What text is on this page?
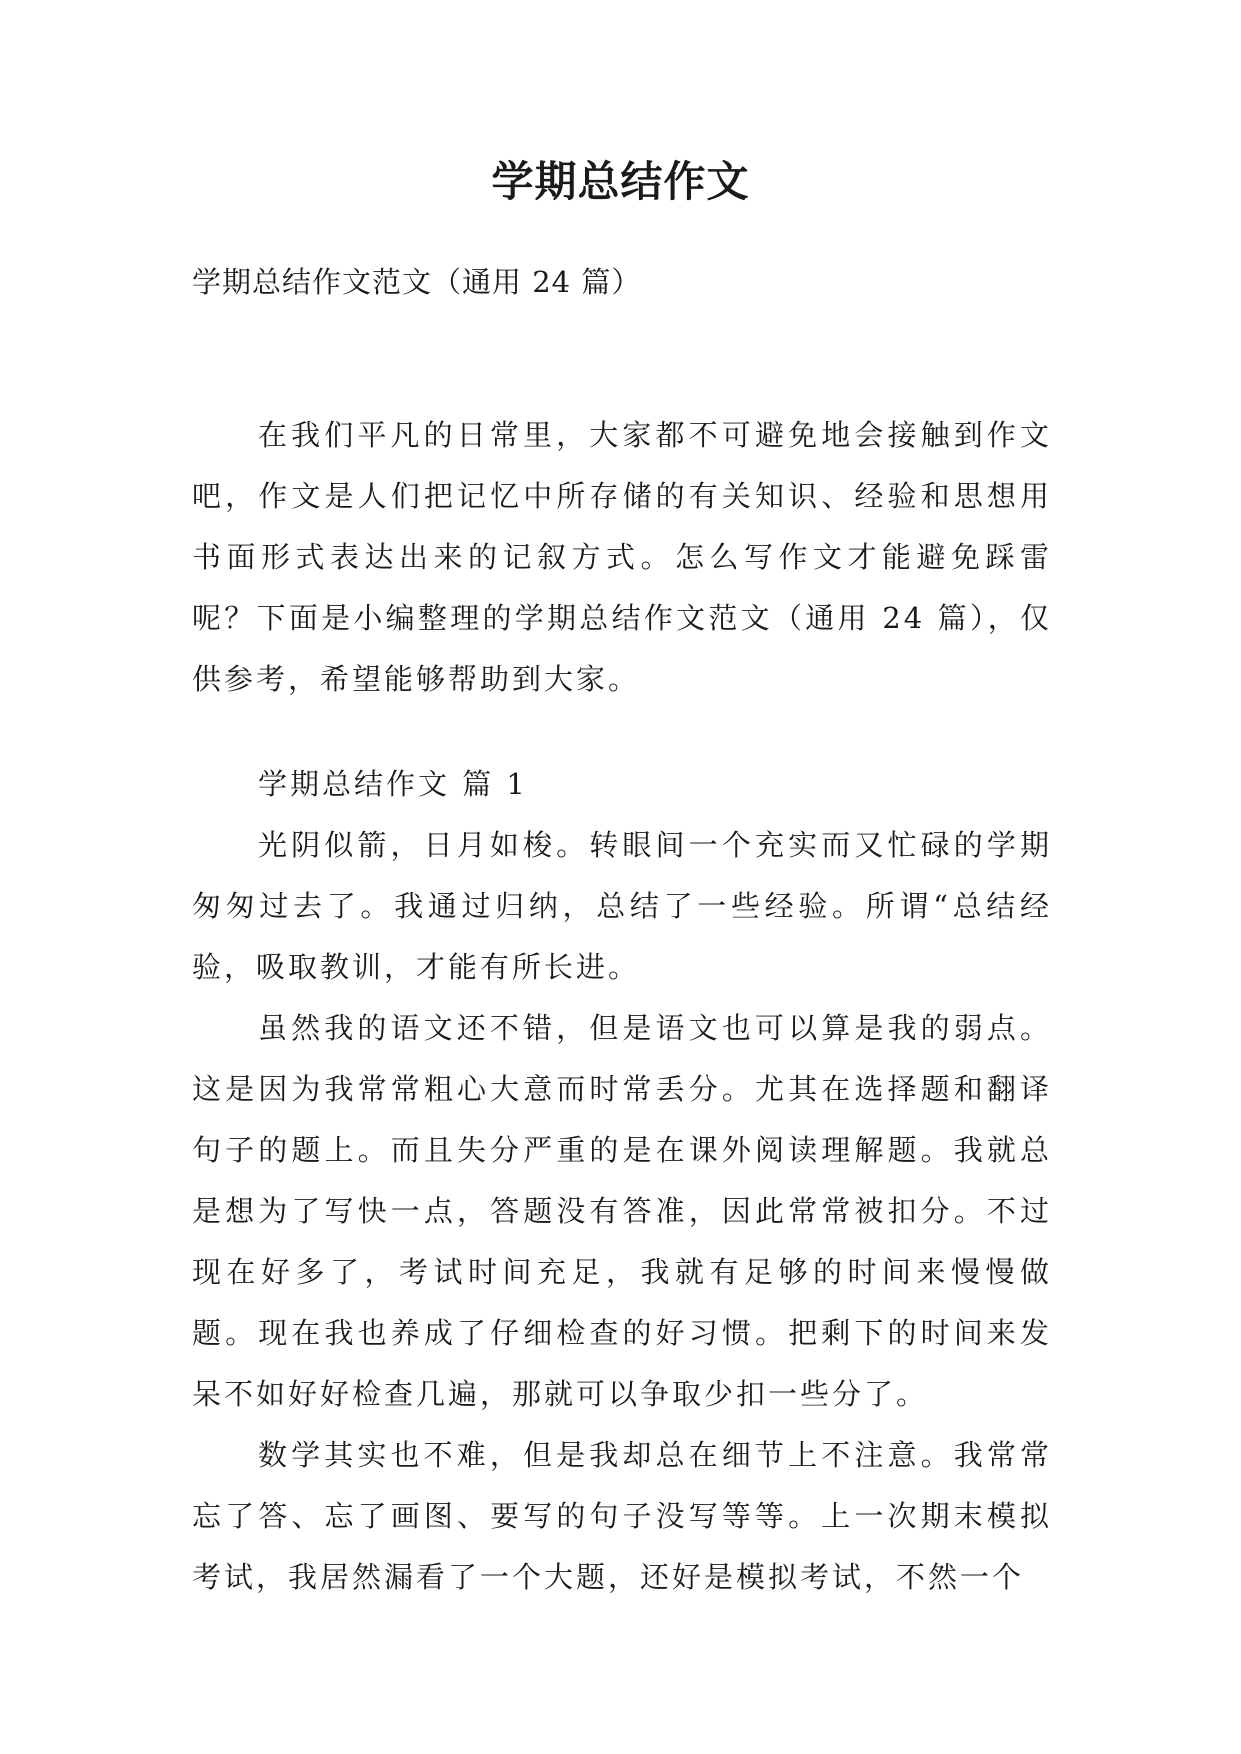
学期总结作文
学期总结作文范文（通用 24 篇）

在我们平凡的日常里，大家都不可避免地会接触到作文吧，作文是人们把记忆中所存储的有关知识、经验和思想用书面形式表达出来的记叙方式。怎么写作文才能避免踩雷呢？下面是小编整理的学期总结作文范文（通用 24 篇），仅供参考，希望能够帮助到大家。

学期总结作文 篇 1

光阴似箭，日月如梭。转眼间一个充实而又忙碌的学期匆匆过去了。我通过归纳，总结了一些经验。所谓“总结经验，吸取教训，才能有所长进。

虽然我的语文还不错，但是语文也可以算是我的弱点。这是因为我常常粗心大意而时常丢分。尤其在选择题和翻译句子的题上。而且失分严重的是在课外阅读理解题。我就总是想为了写快一点，答题没有答准，因此常常被扣分。不过现在好多了，考试时间充足，我就有足够的时间来慢慢做题。现在我也养成了仔细检查的好习惯。把剩下的时间来发呆不如好好检查几遍，那就可以争取少扣一些分了。

数学其实也不难，但是我却总在细节上不注意。我常常忘了答、忘了画图、要写的句子没写等等。上一次期末模拟考试，我居然漏看了一个大题，还好是模拟考试，不然一个
